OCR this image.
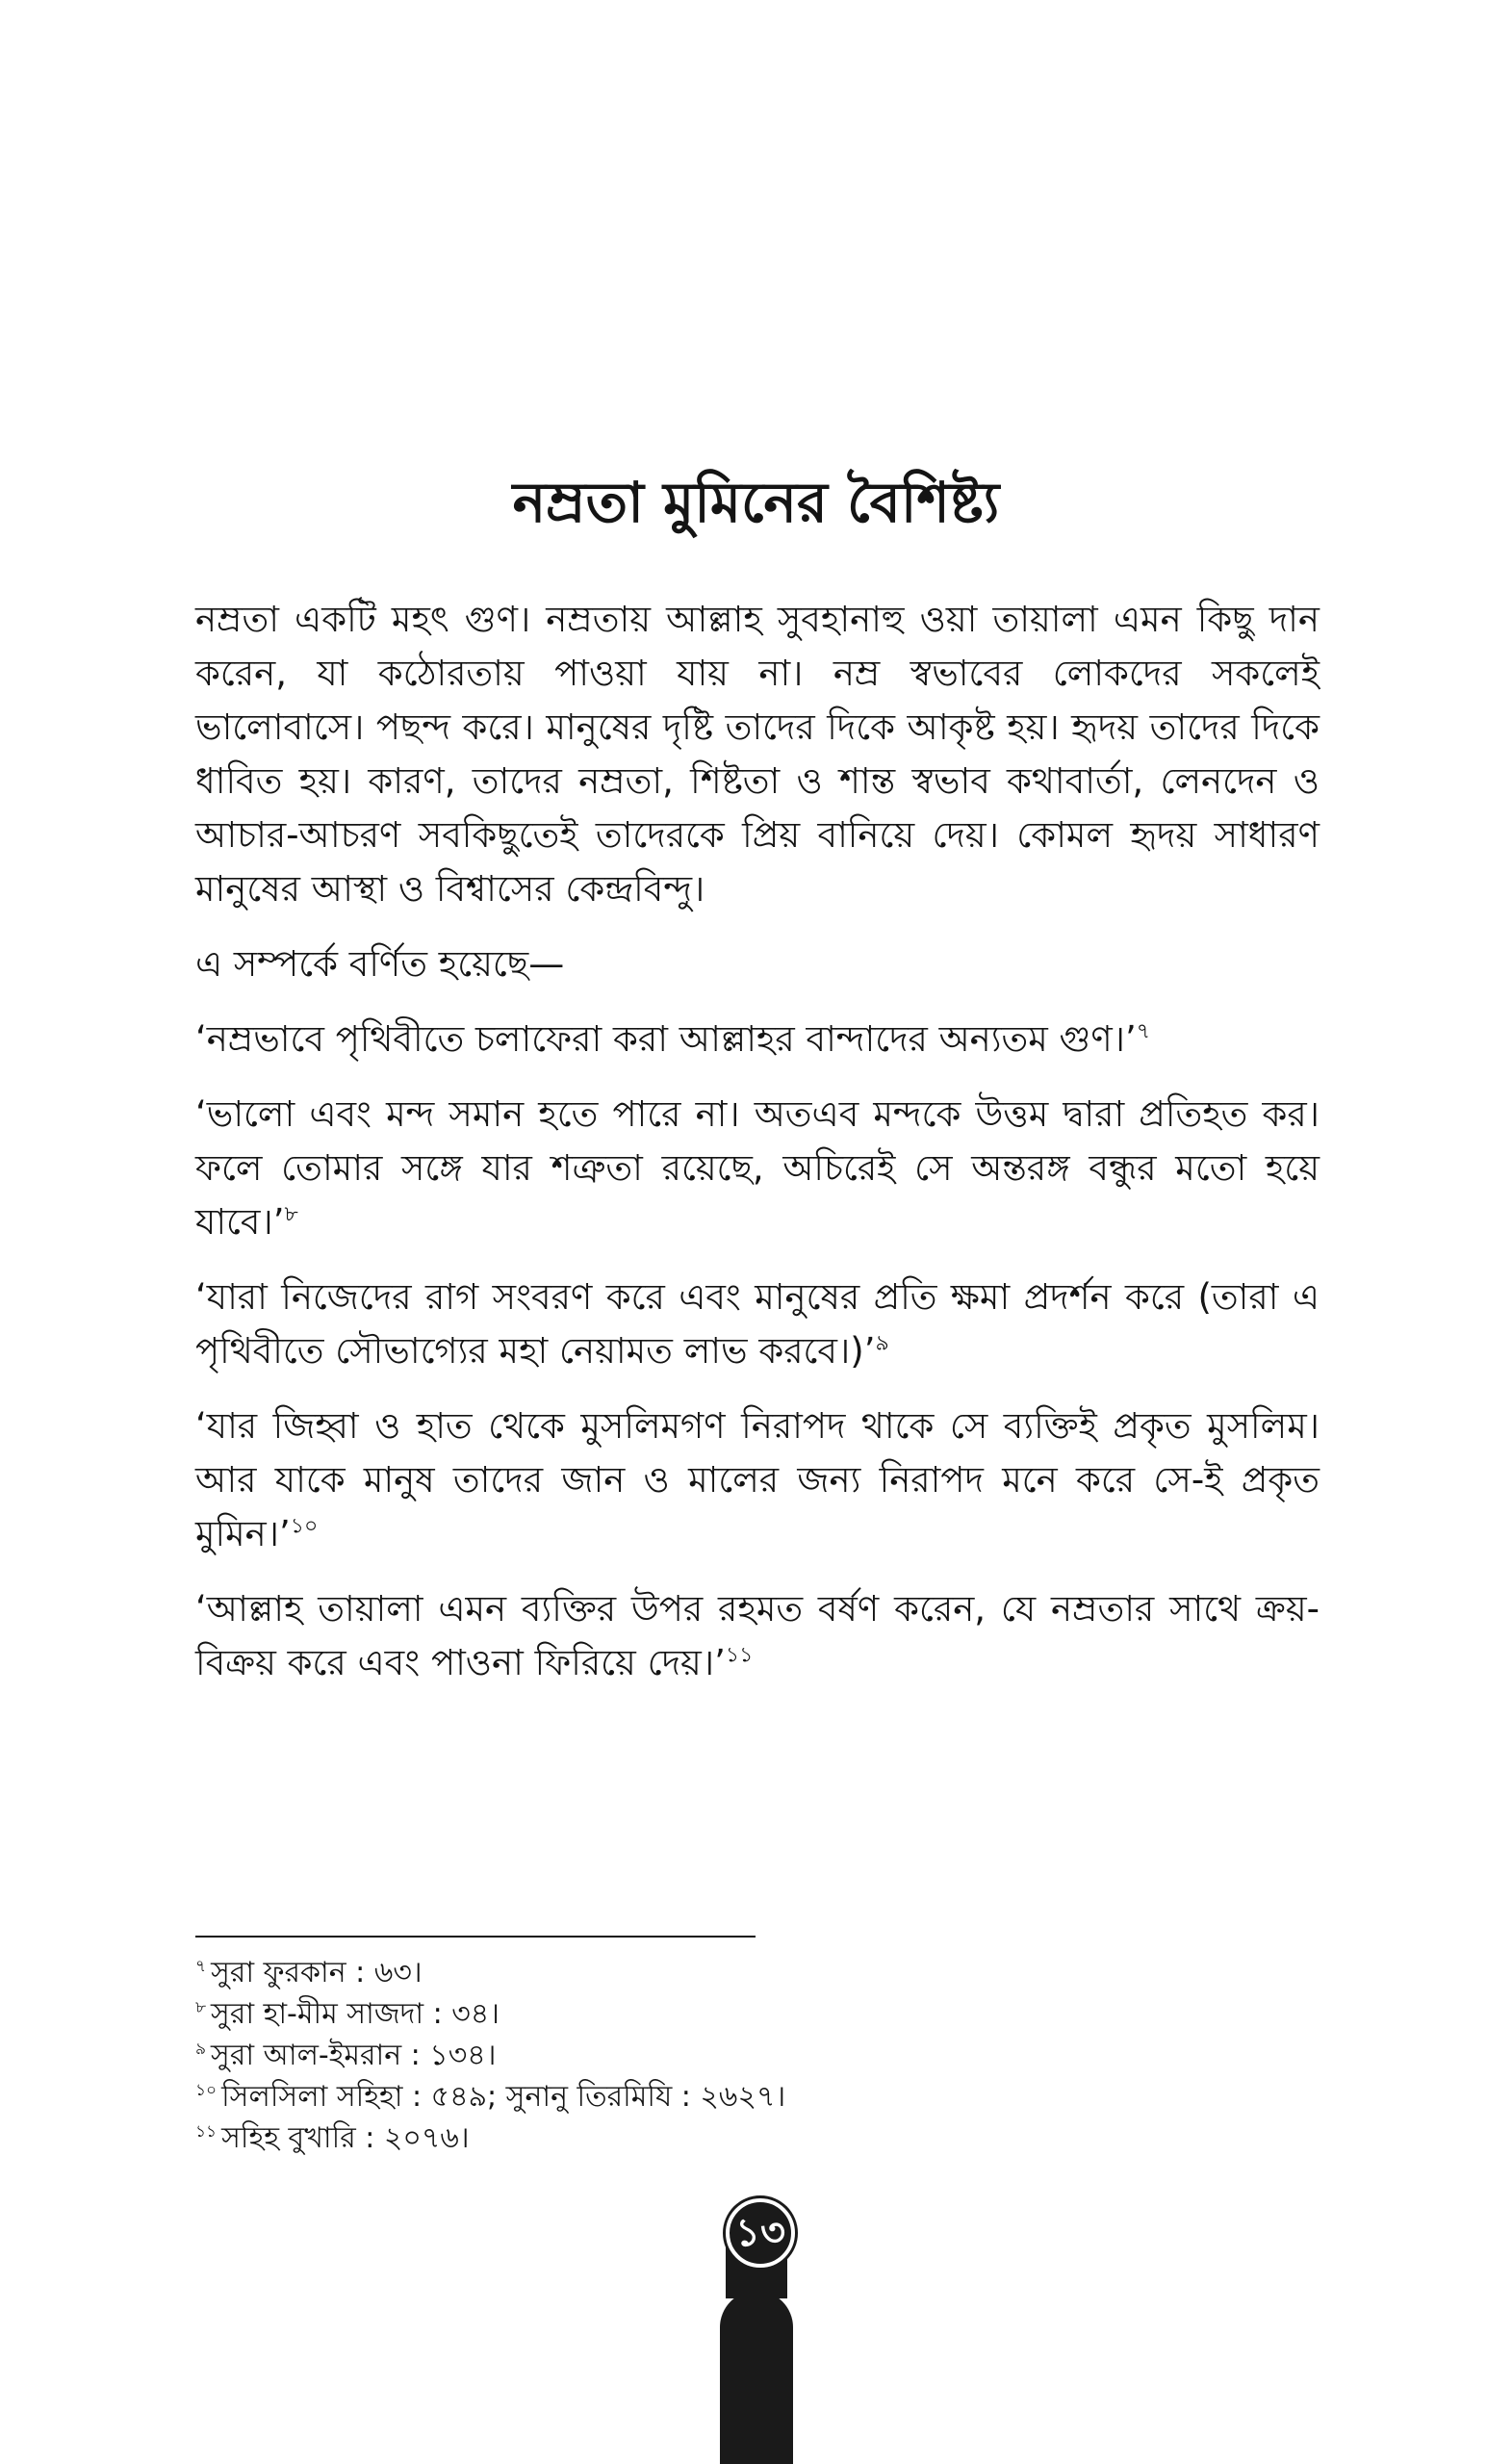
নম্রতা মুমিনের বৈশিষ্ট্য

নম্রতা একটি মহৎ গুণ। নম্রতায় আল্লাহ সুবহানাহু ওয়া তায়ালা এমন কিছু দান করেন, যা কঠোরতায় পাওয়া যায় না। নম্র স্বভাবের লোকদের সকলেই ভালোবাসে। পছন্দ করে। মানুষের দৃষ্টি তাদের দিকে আকৃষ্ট হয়। হৃদয় তাদের দিকে ধাবিত হয়। কারণ, তাদের নম্রতা, শিষ্টতা ও শান্ত স্বভাব কথাবার্তা, লেনদেন ও আচার-আচরণ সবকিছুতেই তাদেরকে প্রিয় বানিয়ে দেয়। কোমল হৃদয় সাধারণ মানুষের আস্থা ও বিশ্বাসের কেন্দ্রবিন্দু।

এ সম্পর্কে বর্ণিত হয়েছে—

‘নম্রভাবে পৃথিবীতে চলাফেরা করা আল্লাহর বান্দাদের অন্যতম গুণ।’$^৭$

‘ভালো এবং মন্দ সমান হতে পারে না। অতএব মন্দকে উত্তম দ্বারা প্রতিহত কর। ফলে তোমার সঙ্গে যার শত্রুতা রয়েছে, অচিরেই সে অন্তরঙ্গ বন্ধুর মতো হয়ে যাবে।’$^৮$

‘যারা নিজেদের রাগ সংবরণ করে এবং মানুষের প্রতি ক্ষমা প্রদর্শন করে (তারা এ পৃথিবীতে সৌভাগ্যের মহা নেয়ামত লাভ করবে।)’$^৯$

‘যার জিহ্বা ও হাত থেকে মুসলিমগণ নিরাপদ থাকে সে ব্যক্তিই প্রকৃত মুসলিম। আর যাকে মানুষ তাদের জান ও মালের জন্য নিরাপদ মনে করে সে-ই প্রকৃত মুমিন।’$^{১০}$

‘আল্লাহ তায়ালা এমন ব্যক্তির উপর রহমত বর্ষণ করেন, যে নম্রতার সাথে ক্রয়-বিক্রয় করে এবং পাওনা ফিরিয়ে দেয়।’$^{১১}$

$^৭$ সুরা ফুরকান : ৬৩।

$^৮$ সুরা হা-মীম সাজদা : ৩৪।

$^৯$ সুরা আল-ইমরান : ১৩৪।

$^{১০}$ সিলসিলা সহিহা : ৫৪৯; সুনানু তিরমিযি : ২৬২৭।

$^{১১}$ সহিহ বুখারি : ২০৭৬।

১৩
